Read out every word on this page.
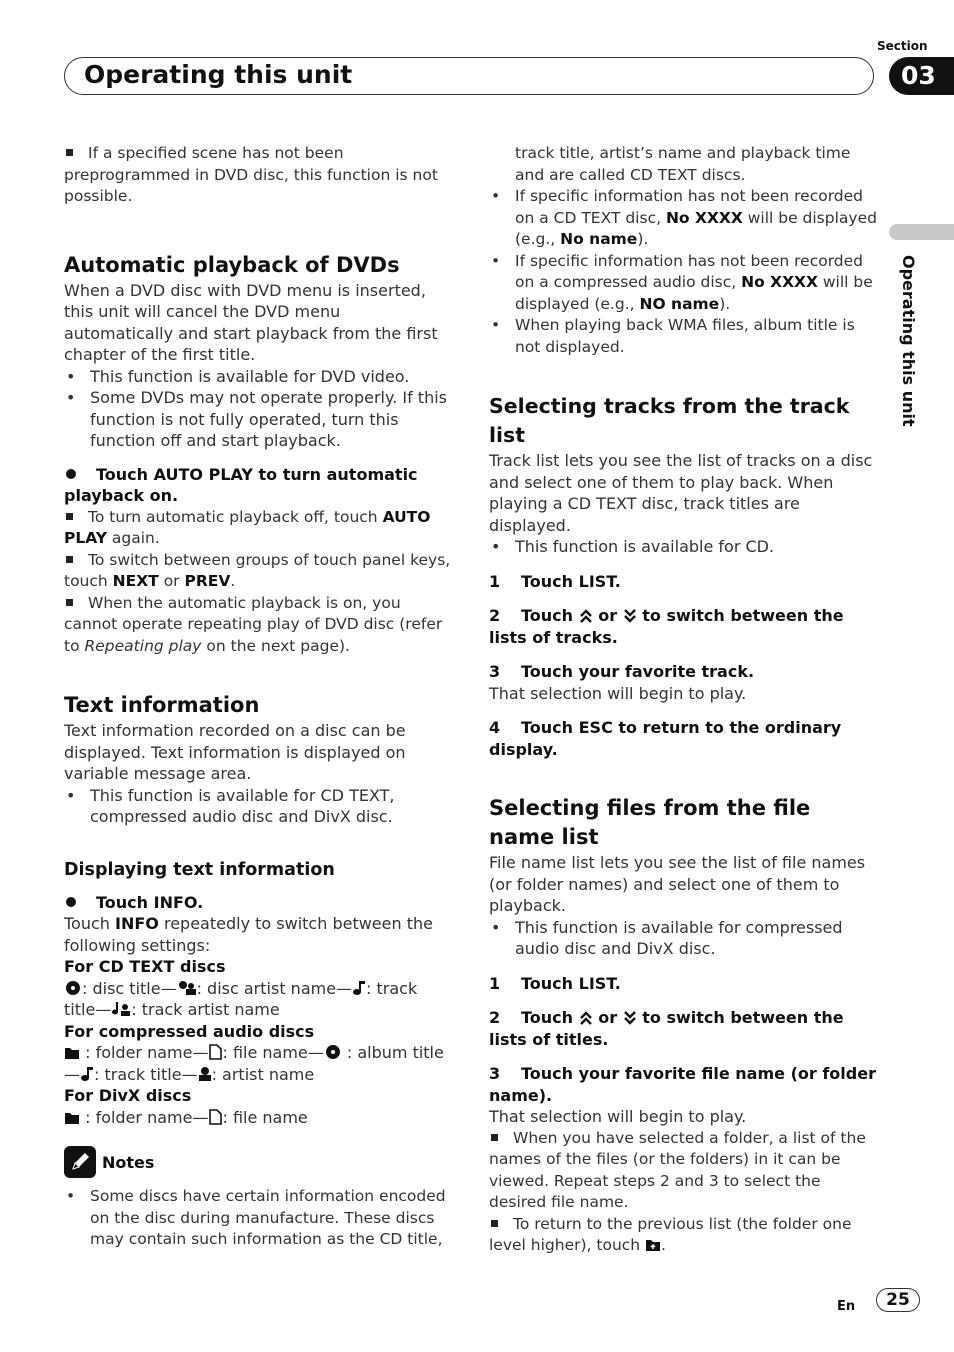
Section
Operating this unit	03
Operating this unit

If a specified scene has not been preprogrammed in DVD disc, this function is not possible.

Automatic playback of DVDs

When a DVD disc with DVD menu is inserted, this unit will cancel the DVD menu automatically and start playback from the first chapter of the first title.

• This function is available for DVD video.

• Some DVDs may not operate properly. If this function is not fully operated, turn this function off and start playback.

Touch AUTO PLAY to turn automatic playback on.

To turn automatic playback off, touch AUTO PLAY again.

To switch between groups of touch panel keys, touch NEXT or PREV.

When the automatic playback is on, you cannot operate repeating play of DVD disc (refer to Repeating play on the next page).

Text information

Text information recorded on a disc can be displayed. Text information is displayed on variable message area.

• This function is available for CD TEXT, compressed audio disc and DivX disc.

Displaying text information

Touch INFO.

Touch INFO repeatedly to switch between the following settings:

For CD TEXT discs

: disc title— : disc artist name— : track title— : track artist name

For compressed audio discs

: folder name— : file name— : album title— : track title— : artist name

For DivX discs

: folder name— : file name

Notes

• Some discs have certain information encoded on the disc during manufacture. These discs may contain such information as the CD title,

track title, artist’s name and playback time and are called CD TEXT discs.

• If specific information has not been recorded on a CD TEXT disc, No XXXX will be displayed (e.g., No name).

• If specific information has not been recorded on a compressed audio disc, No XXXX will be displayed (e.g., NO name).

• When playing back WMA files, album title is not displayed.

Selecting tracks from the track list

Track list lets you see the list of tracks on a disc and select one of them to play back. When playing a CD TEXT disc, track titles are displayed.

• This function is available for CD.

1 Touch LIST.

2 Touch  or  to switch between the lists of tracks.

3 Touch your favorite track.

That selection will begin to play.

4 Touch ESC to return to the ordinary display.

Selecting files from the file name list

File name list lets you see the list of file names (or folder names) and select one of them to playback.

• This function is available for compressed audio disc and DivX disc.

1 Touch LIST.

2 Touch  or  to switch between the lists of titles.

3 Touch your favorite file name (or folder name).

That selection will begin to play.

When you have selected a folder, a list of the names of the files (or the folders) in it can be viewed. Repeat steps 2 and 3 to select the desired file name.

To return to the previous list (the folder one level higher), touch .

En	25
